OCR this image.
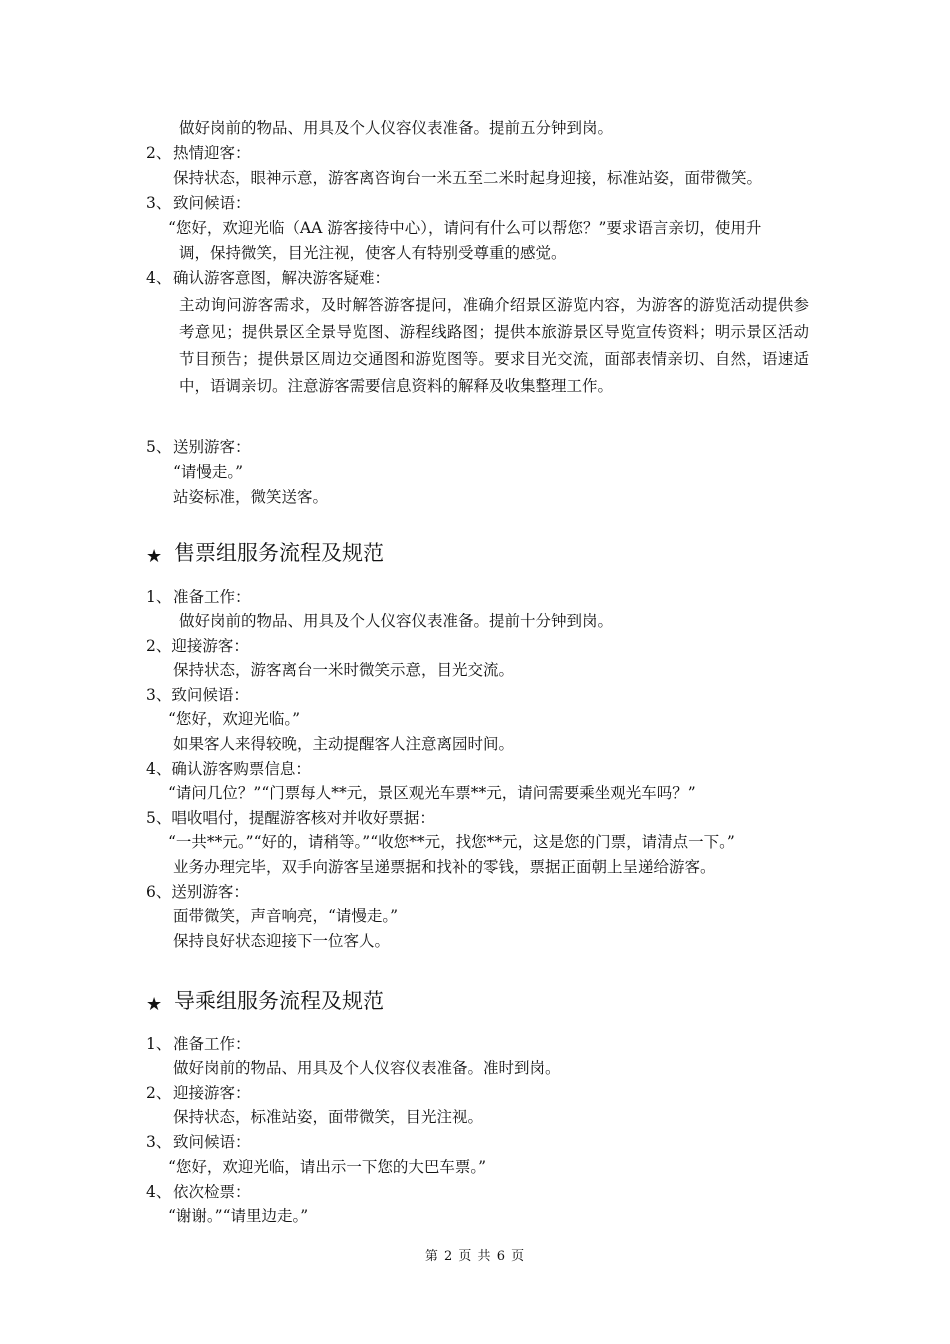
做好岗前的物品、用具及个人仪容仪表准备。提前五分钟到岗。
2、 热情迎客：
保持状态，眼神示意，游客离咨询台一米五至二米时起身迎接，标准站姿，面带微笑。
3、 致问候语：
“您好，欢迎光临（AA 游客接待中心），请问有什么可以帮您？”要求语言亲切，使用升
调，保持微笑，目光注视，使客人有特别受尊重的感觉。
4、 确认游客意图，解决游客疑难：
主动询问游客需求，及时解答游客提问，准确介绍景区游览内容，为游客的游览活动提供参考意见；提供景区全景导览图、游程线路图；提供本旅游景区导览宣传资料；明示景区活动节目预告；提供景区周边交通图和游览图等。要求目光交流，面部表情亲切、自然，语速适中，语调亲切。注意游客需要信息资料的解释及收集整理工作。
5、 送别游客：
“请慢走。”
站姿标准，微笑送客。
★ 售票组服务流程及规范
1、 准备工作：
做好岗前的物品、用具及个人仪容仪表准备。提前十分钟到岗。
2、迎接游客：
保持状态，游客离台一米时微笑示意，目光交流。
3、致问候语：
“您好，欢迎光临。”
如果客人来得较晚，主动提醒客人注意离园时间。
4、确认游客购票信息：
“请问几位？”“门票每人**元，景区观光车票**元，请问需要乘坐观光车吗？”
5、唱收唱付，提醒游客核对并收好票据：
“一共**元。”“好的，请稍等。”“收您**元，找您**元，这是您的门票，请清点一下。”
业务办理完毕，双手向游客呈递票据和找补的零钱，票据正面朝上呈递给游客。
6、送别游客：
面带微笑，声音响亮，“请慢走。”
保持良好状态迎接下一位客人。
★ 导乘组服务流程及规范
1、 准备工作：
做好岗前的物品、用具及个人仪容仪表准备。准时到岗。
2、 迎接游客：
保持状态，标准站姿，面带微笑，目光注视。
3、 致问候语：
“您好，欢迎光临，请出示一下您的大巴车票。”
4、 依次检票：
“谢谢。”“请里边走。”
第 2 页 共 6 页
